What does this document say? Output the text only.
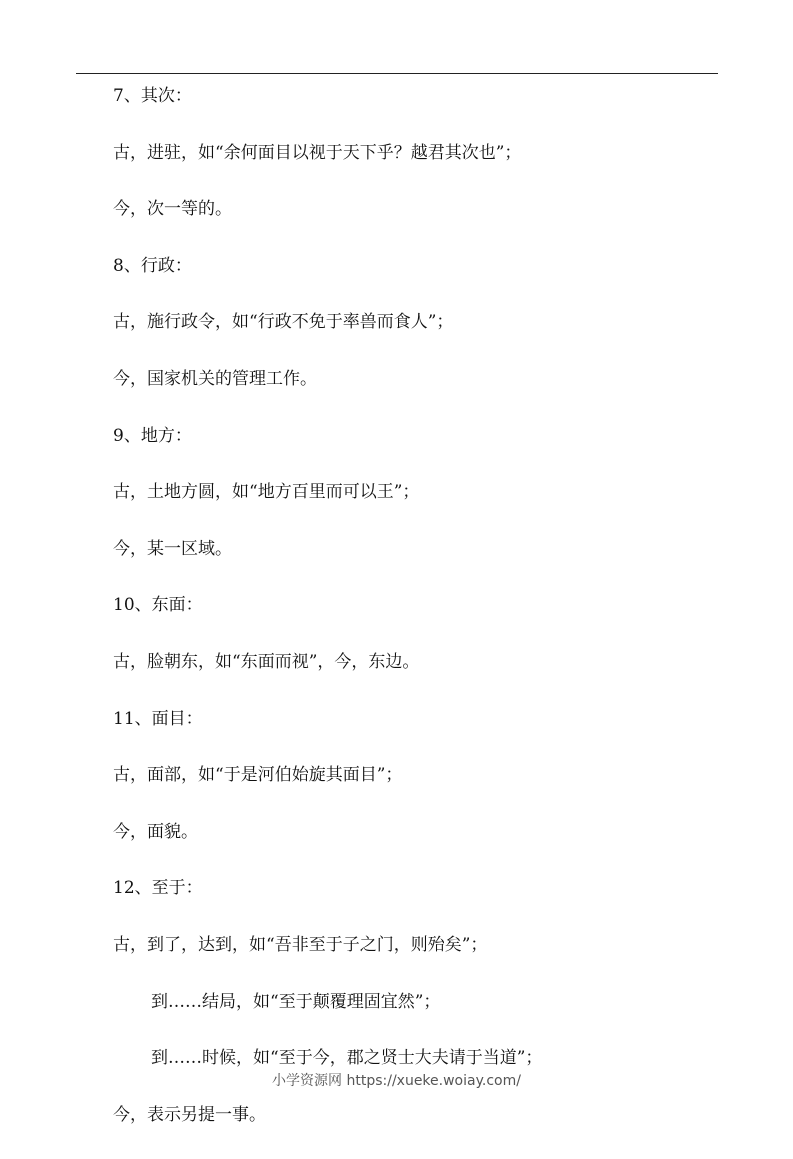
7、其次：
古，进驻，如“余何面目以视于天下乎？越君其次也”；
今，次一等的。
8、行政：
古，施行政令，如“行政不免于率兽而食人”；
今，国家机关的管理工作。
9、地方：
古，土地方圆，如“地方百里而可以王”；
今，某一区域。
10、东面：
古，脸朝东，如“东面而视”，今，东边。
11、面目：
古，面部，如“于是河伯始旋其面目”；
今，面貌。
12、至于：
古，到了，达到，如“吾非至于子之门，则殆矣”；
到……结局，如“至于颠覆理固宜然”；
到……时候，如“至于今，郡之贤士大夫请于当道”；
今，表示另提一事。
小学资源网 https://xueke.woiay.com/
